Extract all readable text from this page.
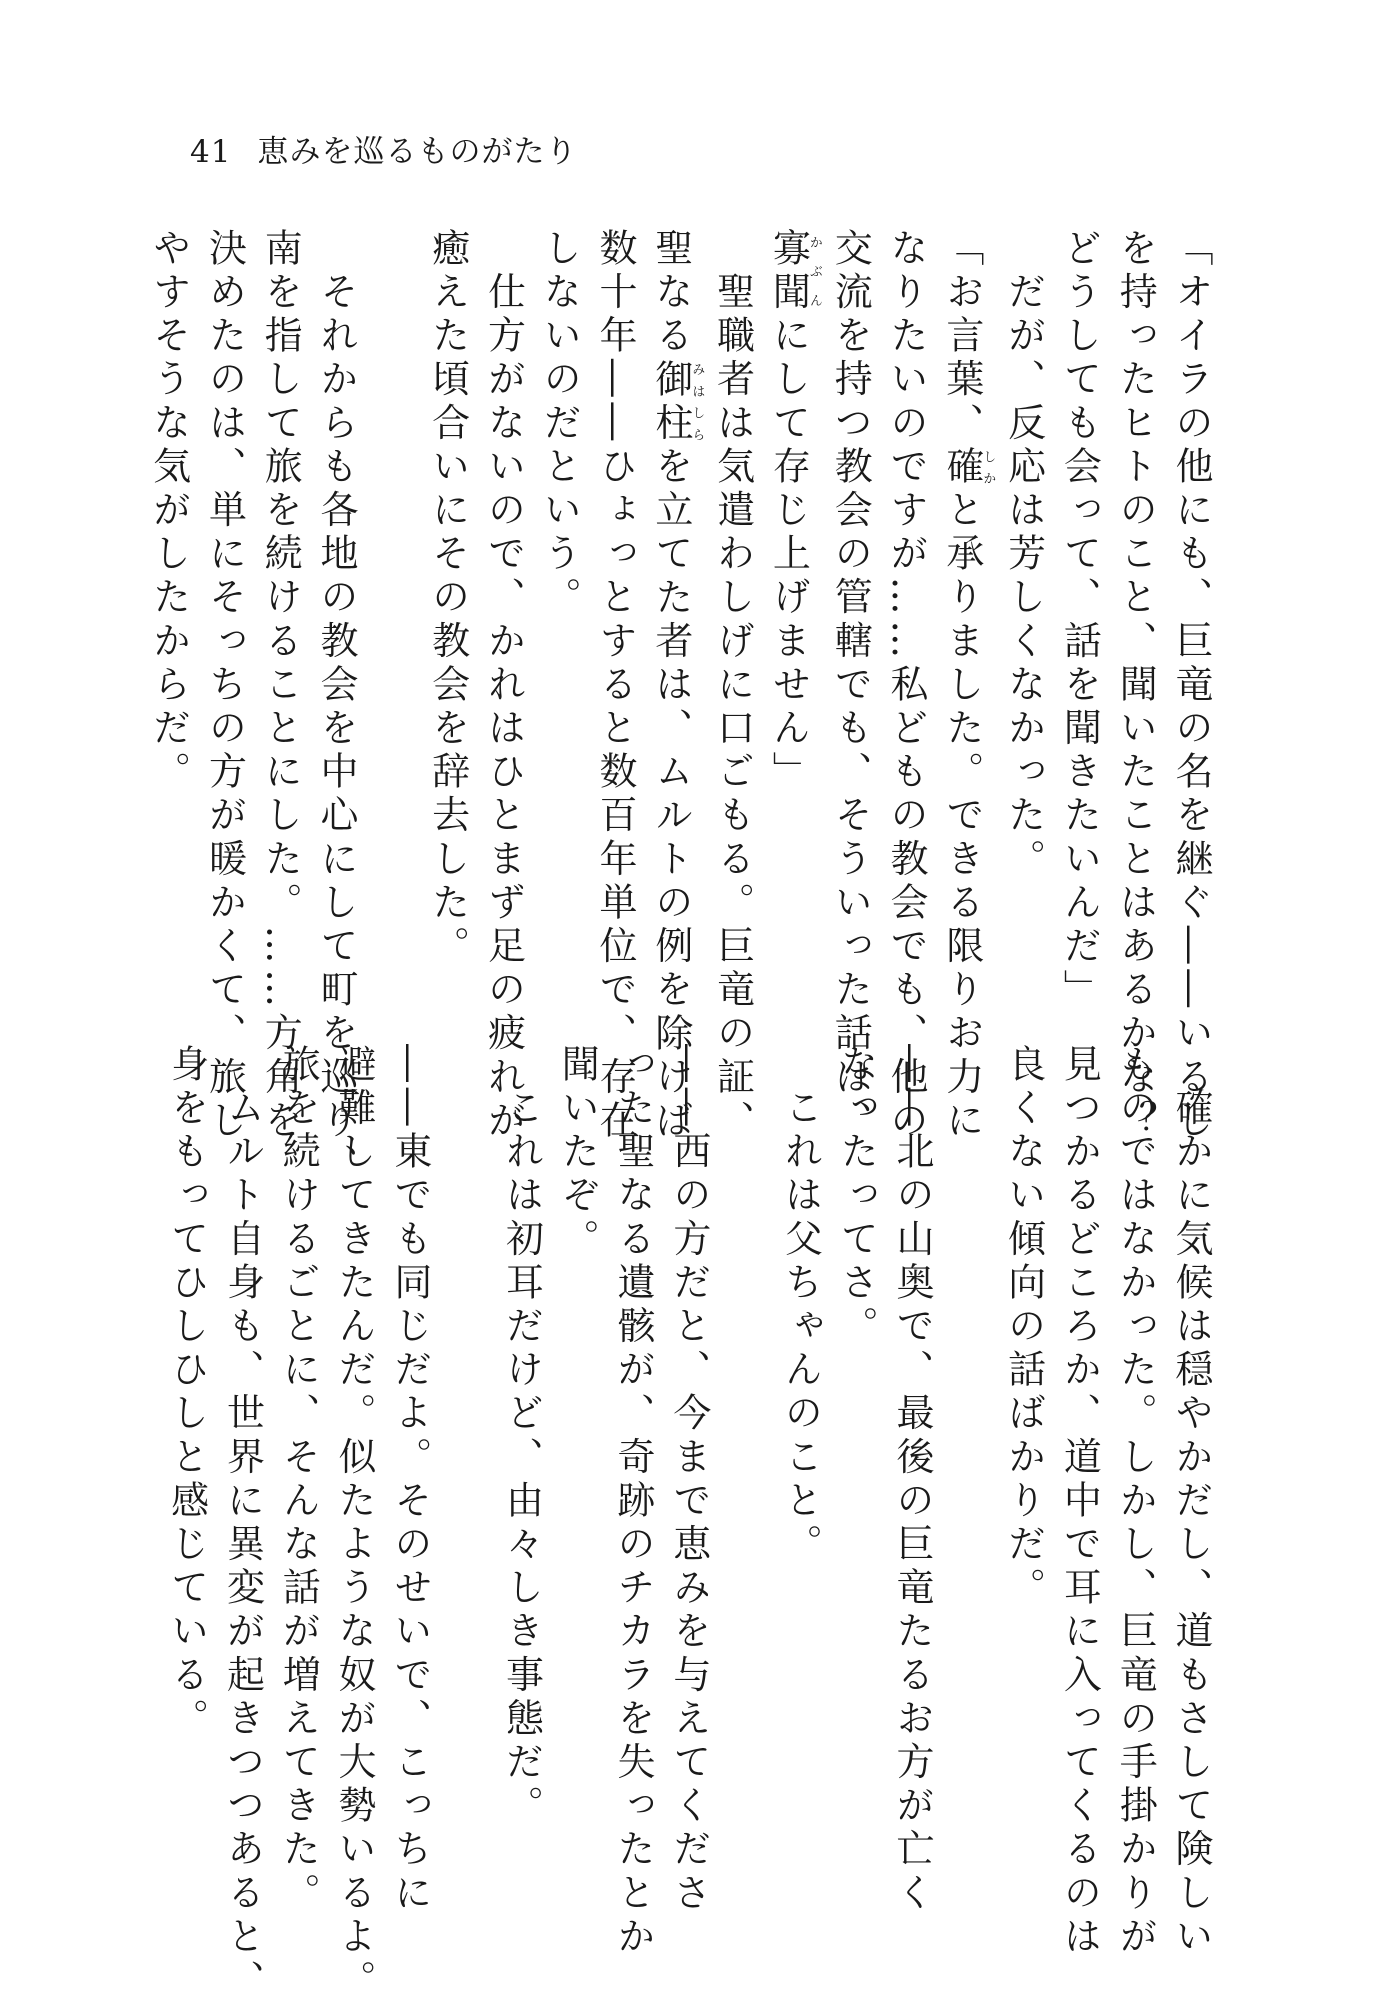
41 恵みを巡るものがたり
「オイラの他にも、巨竜の名を継ぐ――いるし
を持ったヒトのこと、聞いたことはあるかな？
どうしても会って、話を聞きたいんだ」
　だが、反応は芳しくなかった。
「お言葉、確しかと承りました。できる限りお力に
なりたいのですが……私どもの教会でも、他の
交流を持つ教会の管轄でも、そういった話は、
寡聞かぶんにして存じ上げません」
　聖職者は気遣わしげに口ごもる。巨竜の証、
聖なる御柱みはしらを立てた者は、ムルトの例を除けば
数十年――ひょっとすると数百年単位で、存在
しないのだという。
　仕方がないので、かれはひとまず足の疲れが
癒えた頃合いにその教会を辞去した。

　それからも各地の教会を中心にして町を巡り、
南を指して旅を続けることにした。……方角を
決めたのは、単にそっちの方が暖かくて、旅し
やすそうな気がしたからだ。
　確かに気候は穏やかだし、道もさして険しい
ものではなかった。しかし、巨竜の手掛かりが
見つかるどころか、道中で耳に入ってくるのは
良くない傾向の話ばかりだ。

――北の山奥で、最後の巨竜たるお方が亡く
なったってさ。
　これは父ちゃんのこと。

――西の方だと、今まで恵みを与えてくださ
った聖なる遺骸が、奇跡のチカラを失ったとか
聞いたぞ。
　これは初耳だけど、由々しき事態だ。

――東でも同じだよ。そのせいで、こっちに
避難してきたんだ。似たような奴が大勢いるよ。
旅を続けるごとに、そんな話が増えてきた。
　ムルト自身も、世界に異変が起きつつあると、
身をもってひしひしと感じている。
